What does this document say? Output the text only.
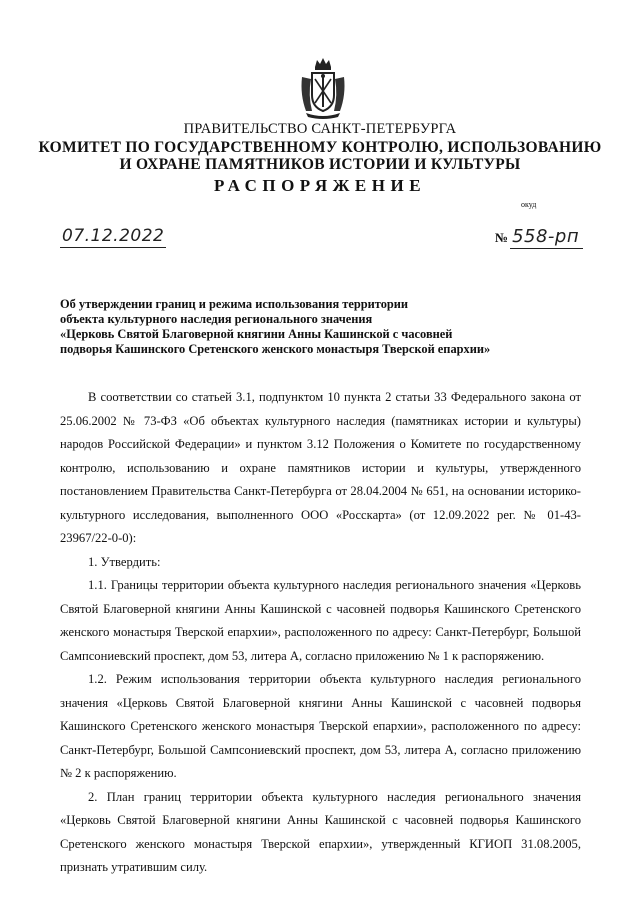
ПРАВИТЕЛЬСТВО САНКТ-ПЕТЕРБУРГА
КОМИТЕТ ПО ГОСУДАРСТВЕННОМУ КОНТРОЛЮ, ИСПОЛЬЗОВАНИЮ
И ОХРАНЕ ПАМЯТНИКОВ ИСТОРИИ И КУЛЬТУРЫ
РАСПОРЯЖЕНИЕ
окуд
07.12.2022	№ 558-рп
Об утверждении границ и режима использования территории
объекта культурного наследия регионального значения
«Церковь Святой Благоверной княгини Анны Кашинской с часовней
подворья Кашинского Сретенского женского монастыря Тверской епархии»

В соответствии со статьей 3.1, подпунктом 10 пункта 2 статьи 33 Федерального закона от 25.06.2002 № 73-ФЗ «Об объектах культурного наследия (памятниках истории и культуры) народов Российской Федерации» и пунктом 3.12 Положения о Комитете по государственному контролю, использованию и охране памятников истории и культуры, утвержденного постановлением Правительства Санкт-Петербурга от 28.04.2004 № 651, на основании историко-культурного исследования, выполненного ООО «Росскарта» (от 12.09.2022 рег. № 01-43-23967/22-0-0):

1. Утвердить:

1.1. Границы территории объекта культурного наследия регионального значения «Церковь Святой Благоверной княгини Анны Кашинской с часовней подворья Кашинского Сретенского женского монастыря Тверской епархии», расположенного по адресу: Санкт-Петербург, Большой Сампсониевский проспект, дом 53, литера А, согласно приложению № 1 к распоряжению.

1.2. Режим использования территории объекта культурного наследия регионального значения «Церковь Святой Благоверной княгини Анны Кашинской с часовней подворья Кашинского Сретенского женского монастыря Тверской епархии», расположенного по адресу: Санкт-Петербург, Большой Сампсониевский проспект, дом 53, литера А, согласно приложению № 2 к распоряжению.

2. План границ территории объекта культурного наследия регионального значения «Церковь Святой Благоверной княгини Анны Кашинской с часовней подворья Кашинского Сретенского женского монастыря Тверской епархии», утвержденный КГИОП 31.08.2005, признать утратившим силу.
